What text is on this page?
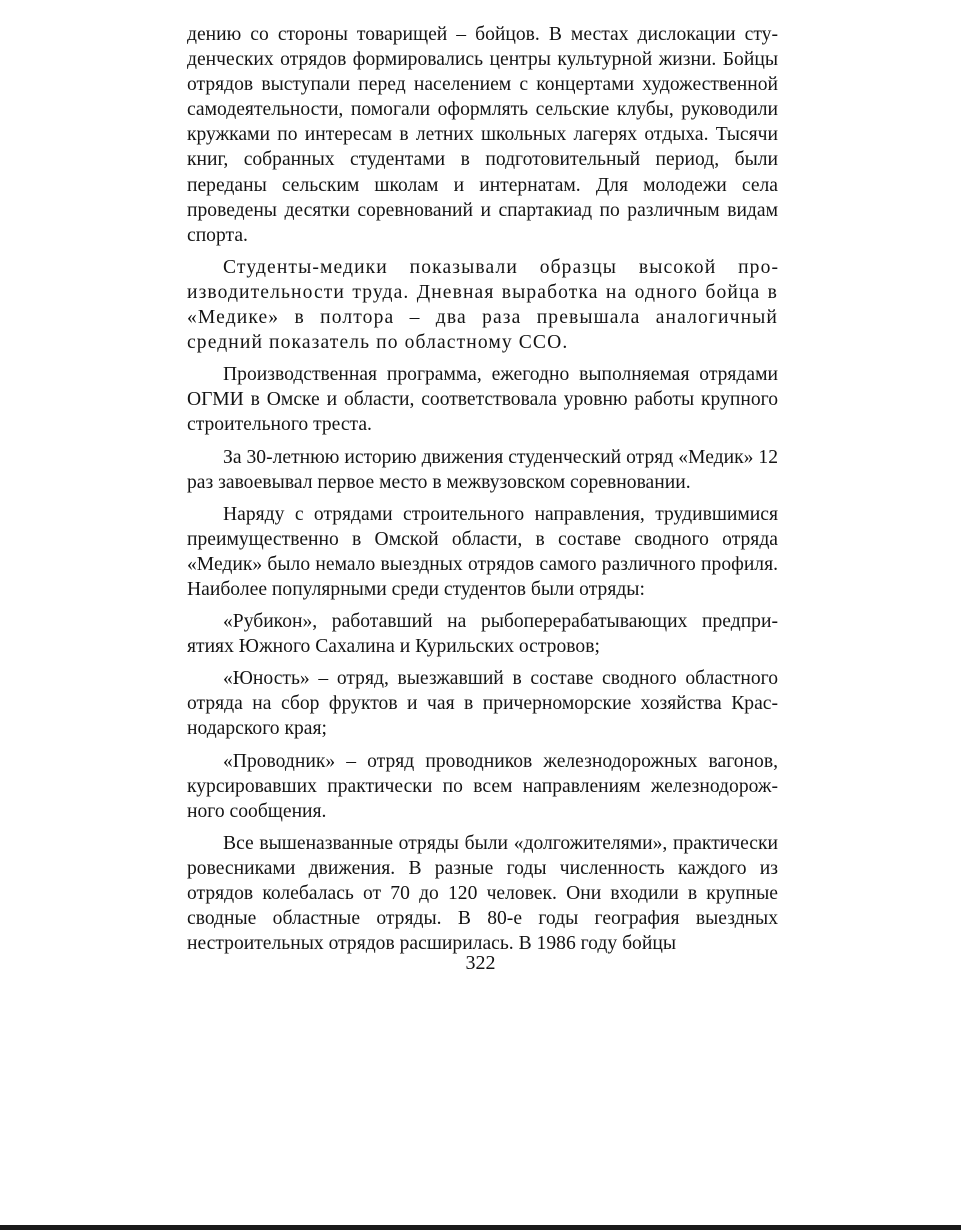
дению со стороны товарищей – бойцов. В местах дислокации студенческих отрядов формировались центры культурной жизни. Бойцы отрядов выступали перед населением с концертами художественной самодеятельности, помогали оформлять сельские клубы, руководили кружками по интересам в летних школьных лагерях отдыха. Тысячи книг, собранных студентами в подготовительный период, были переданы сельским школам и интернатам. Для молодежи села проведены десятки соревнований и спартакиад по различным видам спорта.

Студенты-медики показывали образцы высокой производительности труда. Дневная выработка на одного бойца в «Медике» в полтора – два раза превышала аналогичный средний показатель по областному ССО.

Производственная программа, ежегодно выполняемая отрядами ОГМИ в Омске и области, соответствовала уровню работы крупного строительного треста.

За 30-летнюю историю движения студенческий отряд «Медик» 12 раз завоевывал первое место в межвузовском соревновании.

Наряду с отрядами строительного направления, трудившимися преимущественно в Омской области, в составе сводного отряда «Медик» было немало выездных отрядов самого различного профиля. Наиболее популярными среди студентов были отряды:

«Рубикон», работавший на рыбоперерабатывающих предприятиях Южного Сахалина и Курильских островов;

«Юность» – отряд, выезжавший в составе сводного областного отряда на сбор фруктов и чая в причерноморские хозяйства Краснодарского края;

«Проводник» – отряд проводников железнодорожных вагонов, курсировавших практически по всем направлениям железнодорожного сообщения.

Все вышеназванные отряды были «долгожителями», практически ровесниками движения. В разные годы численность каждого из отрядов колебалась от 70 до 120 человек. Они входили в крупные сводные областные отряды. В 80-е годы география выездных нестроительных отрядов расширилась. В 1986 году бойцы

322
